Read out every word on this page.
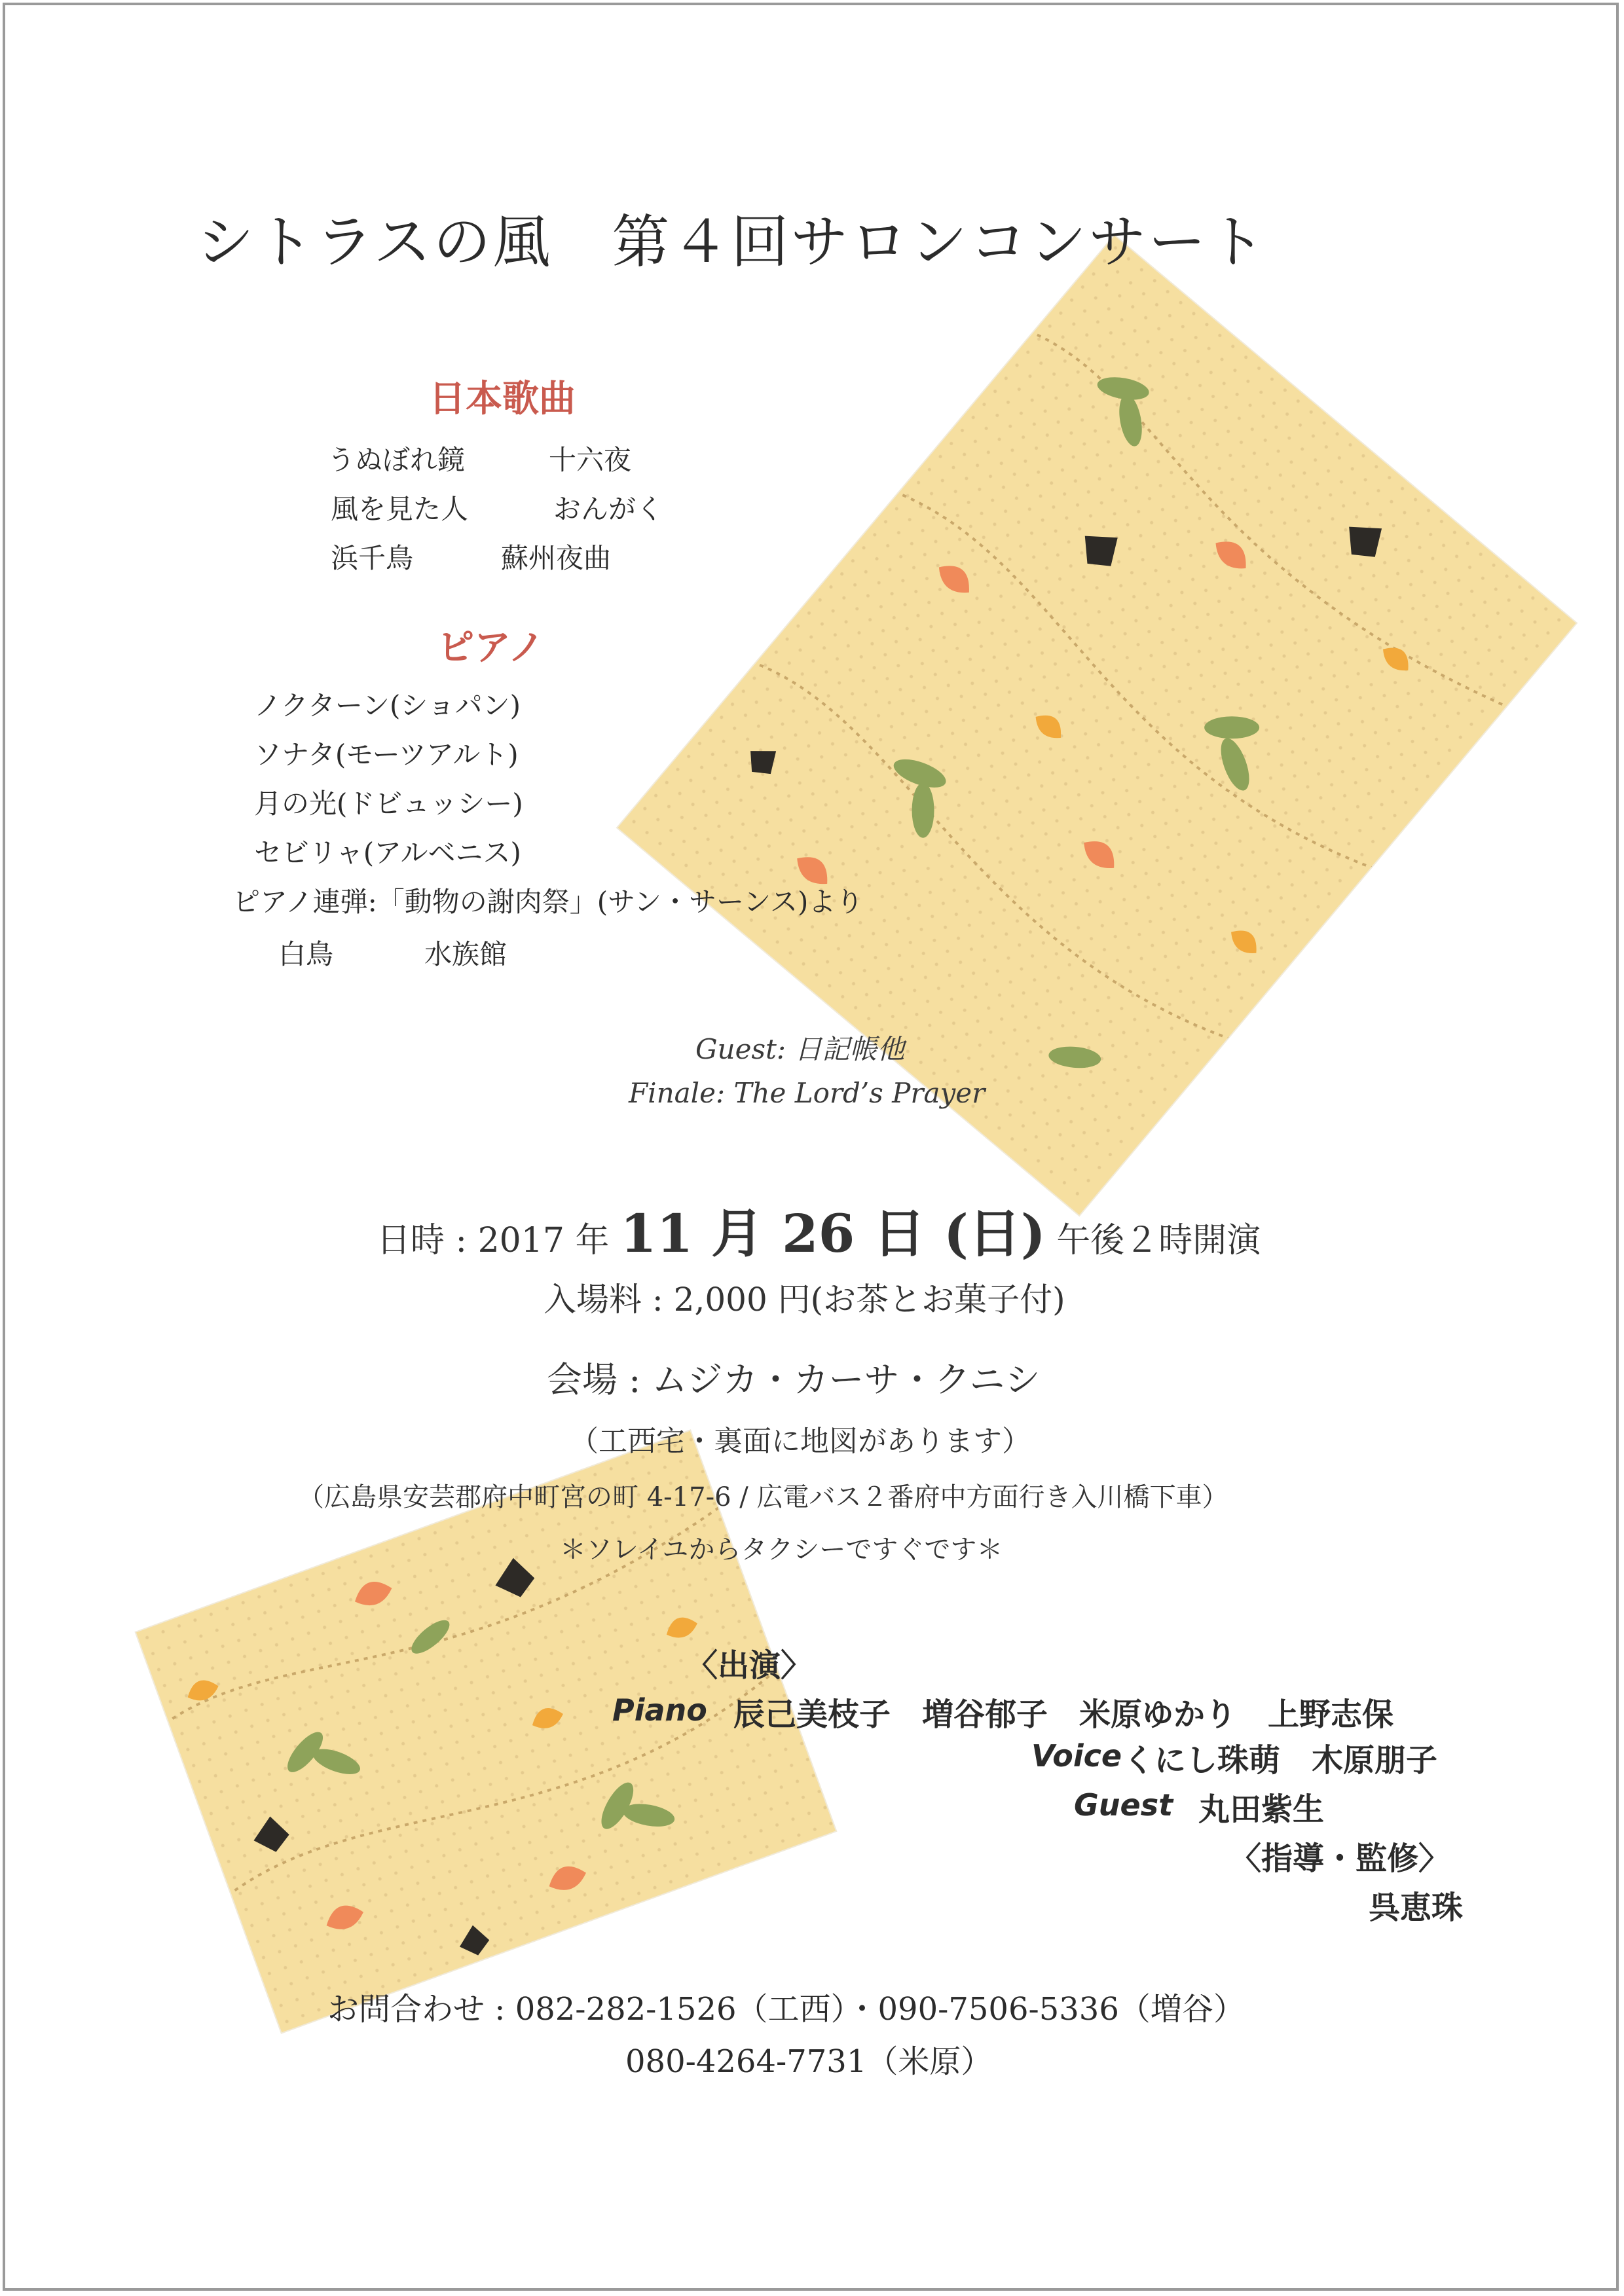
シトラスの風　第４回サロンコンサート
日本歌曲
うぬぼれ鏡	十六夜
風を見た人	おんがく
浜千鳥	蘇州夜曲
ピアノ
ノクターン(ショパン)
ソナタ(モーツアルト)
月の光(ドビュッシー)
セビリャ(アルベニス)
ピアノ連弾:「動物の謝肉祭」(サン・サーンス)より
白鳥	水族館
Guest: 日記帳他
Finale: The Lord’s Prayer
日時 : 2017 年 11 月 26 日 (日) 午後２時開演
入場料 : 2,000 円(お茶とお菓子付)
会場 : ムジカ・カーサ・クニシ
（工西宅・裏面に地図があります）
（広島県安芸郡府中町宮の町 4-17-6 / 広電バス２番府中方面行き入川橋下車）
＊ソレイユからタクシーですぐです＊
〈出演〉
Piano 辰己美枝子　増谷郁子　米原ゆかり　上野志保
Voice くにし珠萌　木原朋子
Guest 丸田紫生
〈指導・監修〉
呉恵珠
お問合わせ : 082-282-1526（工西）・090-7506-5336（増谷）
080-4264-7731（米原）
